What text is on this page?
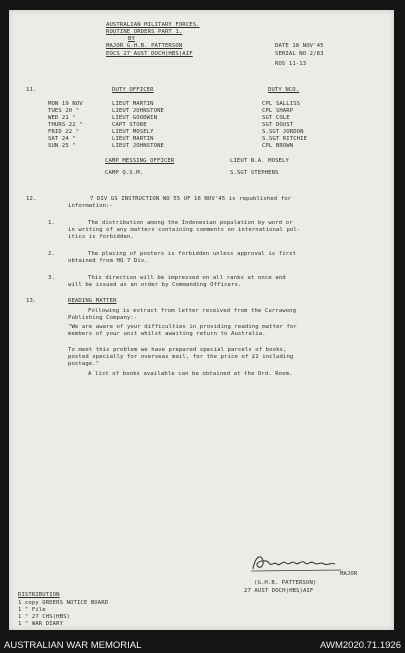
AUSTRALIAN MILITARY FORCES.
ROUTINE ORDERS PART 1.
BY
MAJOR G.H.B. PATTERSON
EOCS 27 AUST DOCH(HBS)AIF
DATE 18 NOV'45
SERIAL NO 2/83
ROS 11-13
11.	DUTY OFFICER	DUTY NCO.
MON 19 NOV	LIEUT MARTIN	CPL SALLISS
TUES 20 "	LIEUT JOHNSTONE	CPL SHARP
WED 21 "	LIEUT GOODWIN	SGT COLE
THURS 22 "	CAPT STORE	SGT DOUST
FRID 22 "	LIEUT MOSELY	S.SGT JORDON
SAT 24 "	LIEUT MARTIN	S.SGT RITCHIE
SUN 25 "	LIEUT JOHNSTONE	CPL BROWN
CAMP MESSING OFFICER	LIEUT N.A. MOSELY
CAMP Q.S.M.	S.SGT STEPHENS
12.	7 DIV GS INSTRUCTION NO 55 OF 16 NOV'45 is republished for
information:-
1.	The distribution among the Indonesian population by word or
in writing of any matters containing comments on international pol-
itics is forbidden.
2.	The placing of posters is forbidden unless approval is first
obtained from HQ 7 Div.
3.	This direction will be impressed on all ranks at once and
will be issued as an order by Commanding Officers.
13.	READING MATTER
Following is extract from letter received from the Currawong
Publishing Company:-
"We are aware of your difficulties in providing reading matter for
members of your unit whilst awaiting return to Australia.
To meet this problem we have prepared special parcels of books,
posted specially for overseas mail, for the price of £1 including
postage."
A list of books available can be obtained at the Ord. Room.
MAJOR
(G.H.B. PATTERSON)
27 AUST DOCH(HBS)AIF
DISTRIBUTION
1 copy ORDERS NOTICE BOARD
1 " File
1 " 27 CHS(HBS)
1 " WAR DIARY
AUSTRALIAN WAR MEMORIAL	AWM2020.71.1926
